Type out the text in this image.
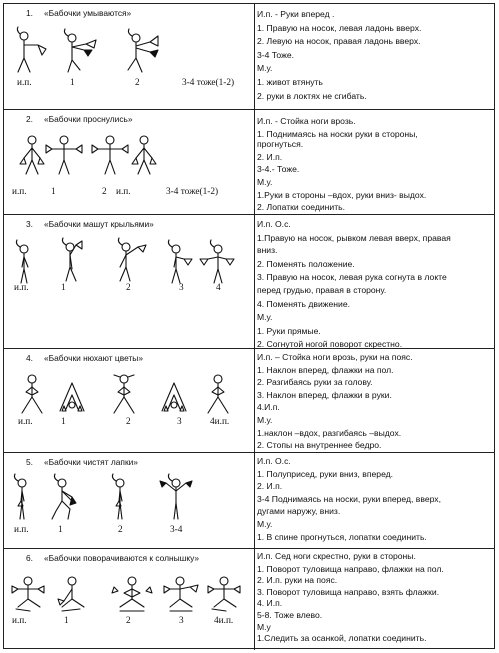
1. «Бабочки умываются»
и.п.	1	2	3-4 тоже(1-2)
И.п. - Руки вперед .
1. Правую на носок, левая ладонь вверх.
2. Левую на носок, правая ладонь вверх.
3-4 Тоже.
М.у.
1. живот втянуть
2. руки в локтях не сгибать.
2. «Бабочки проснулись»
и.п.	1	2 и.п.	3-4 тоже(1-2)
И.п. - Стойка ноги врозь.
1. Поднимаясь на носки руки в стороны,
прогнуться.
2. И.п.
3-4.- Тоже.
М.у.
1.Руки в стороны –вдох, руки вниз- выдох.
2. Лопатки соединить.
3. «Бабочки машут крыльями»
и.п.	1	2	3	4
И.п. О.с.
1.Правую на носок, рывком левая вверх, правая
вниз.
2. Поменять положение.
3. Правую на носок, левая рука согнута в локте
перед грудью, правая в сторону.
4. Поменять движение.
М.у.
1. Руки прямые.
2. Согнутой ногой поворот скрестно.
4. «Бабочки нюхают цветы»
и.п.	1	2	3	4и.п.
И.п. – Стойка ноги врозь, руки на пояс.
1. Наклон вперед, флажки на пол.
2. Разгибаясь руки за голову.
3. Наклон вперед, флажки в руки.
4.И.п.
М.у.
1.наклон –вдох, разгибаясь –выдох.
2. Стопы на внутреннее бедро.
5. «Бабочки чистят лапки»
и.п.	1	2	3-4
И.п. О.с.
1. Полуприсед, руки вниз, вперед.
2. И.п.
3-4 Поднимаясь на носки, руки вперед, вверх,
дугами наружу, вниз.
М.у.
1. В спине прогнуться, лопатки соединить.
6. «Бабочки поворачиваются к солнышку»
и.п.	1	2	3	4и.п.
И.п. Сед ноги скрестно, руки в стороны.
1. Поворот туловища направо, флажки на пол.
2. И.п. руки на пояс.
3. Поворот туловища направо, взять флажки.
4. И.п.
5-8. Тоже влево.
М.у
1.Следить за осанкой, лопатки соединить.
